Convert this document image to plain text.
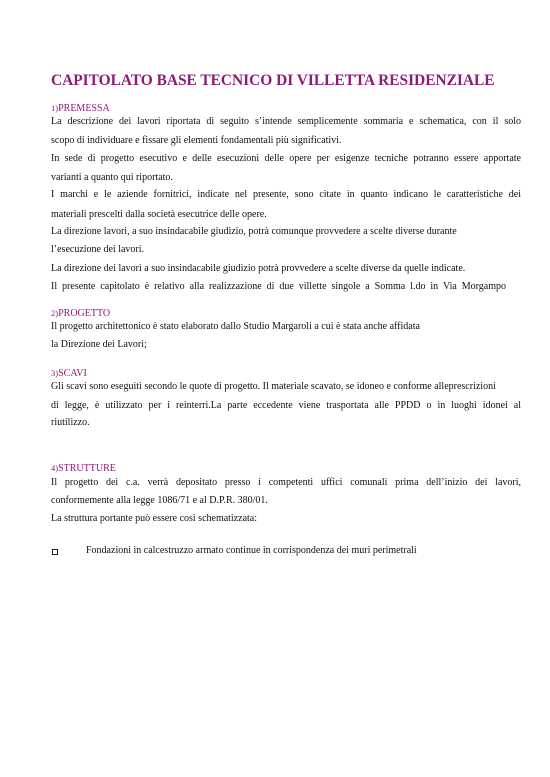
CAPITOLATO BASE TECNICO DI VILLETTA RESIDENZIALE
1)PREMESSA
La descrizione dei lavori riportata di seguito s’intende semplicemente sommaria e schematica, con il solo
scopo di individuare e fissare gli elementi fondamentali più significativi.
In sede di progetto esecutivo e delle esecuzioni delle opere per esigenze tecniche potranno essere apportate
varianti a quanto qui riportato.
I marchi e le aziende fornitrici, indicate nel presente, sono citate in quanto indicano le caratteristiche dei
materiali prescelti dalla società esecutrice delle opere.
La direzione lavori, a suo insindacabile giudizio, potrà comunque provvedere a scelte diverse durante
l’esecuzione dei lavori.
La direzione dei lavori a suo insindacabile giudizio potrà provvedere a scelte diverse da quelle indicate.
Il presente capitolato è relativo alla realizzazione di due villette singole a Somma l.do in Via Morgampo
2)PROGETTO
Il progetto architettonico è stato elaborato dallo Studio Margaroli a cui è stata anche affidata
la Direzione dei Lavori;
3)SCAVI
Gli scavi sono eseguiti secondo le quote di progetto. Il materiale scavato, se idoneo e conforme alleprescrizioni
di legge, è utilizzato per i reinterri.La parte eccedente viene trasportata alle PPDD o in luoghi idonei al
riutilizzo.
4)STRUTTURE
Il progetto dei c.a. verrà depositato presso i competenti uffici comunali prima dell’inizio dei lavori,
conformemente alla legge 1086/71 e al D.P.R. 380/01.
La struttura portante può essere così schematizzata:
Fondazioni in calcestruzzo armato continue in corrispondenza dei muri perimetrali
